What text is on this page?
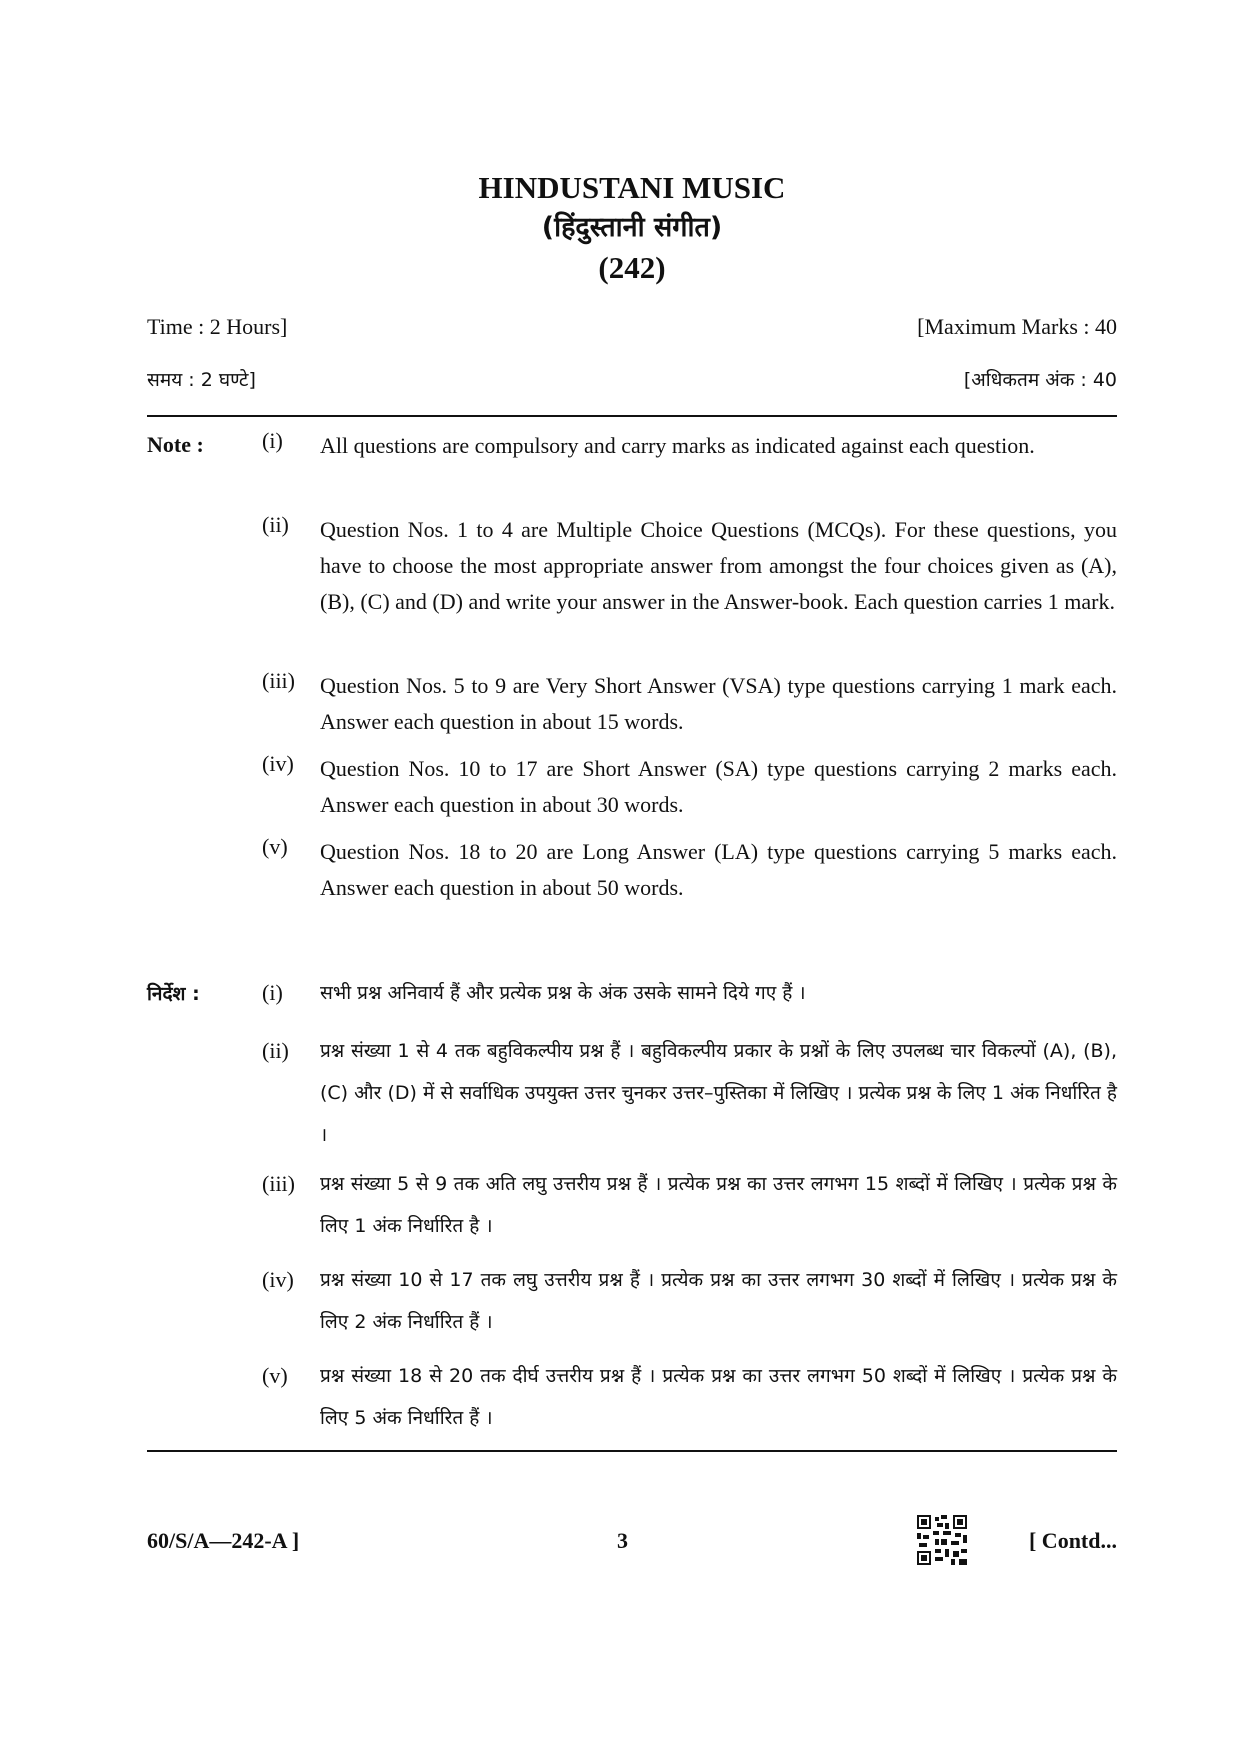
HINDUSTANI MUSIC
(हिंदुस्तानी संगीत)
(242)
Time : 2 Hours]	[Maximum Marks : 40
समय : 2 घण्टे]	[अधिकतम अंक : 40
Note :	(i)	All questions are compulsory and carry marks as indicated against each question.
(ii)	Question Nos. 1 to 4 are Multiple Choice Questions (MCQs). For these questions, you have to choose the most appropriate answer from amongst the four choices given as (A), (B), (C) and (D) and write your answer in the Answer-book. Each question carries 1 mark.
(iii)	Question Nos. 5 to 9 are Very Short Answer (VSA) type questions carrying 1 mark each. Answer each question in about 15 words.
(iv)	Question Nos. 10 to 17 are Short Answer (SA) type questions carrying 2 marks each. Answer each question in about 30 words.
(v)	Question Nos. 18 to 20 are Long Answer (LA) type questions carrying 5 marks each. Answer each question in about 50 words.
निर्देश :	(i)	सभी प्रश्न अनिवार्य हैं और प्रत्येक प्रश्न के अंक उसके सामने दिये गए हैं ।
(ii)	प्रश्न संख्या 1 से 4 तक बहुविकल्पीय प्रश्न हैं । बहुविकल्पीय प्रकार के प्रश्नों के लिए उपलब्ध चार विकल्पों (A), (B), (C) और (D) में से सर्वाधिक उपयुक्त उत्तर चुनकर उत्तर–पुस्तिका में लिखिए । प्रत्येक प्रश्न के लिए 1 अंक निर्धारित है ।
(iii)	प्रश्न संख्या 5 से 9 तक अति लघु उत्तरीय प्रश्न हैं । प्रत्येक प्रश्न का उत्तर लगभग 15 शब्दों में लिखिए । प्रत्येक प्रश्न के लिए 1 अंक निर्धारित है ।
(iv)	प्रश्न संख्या 10 से 17 तक लघु उत्तरीय प्रश्न हैं । प्रत्येक प्रश्न का उत्तर लगभग 30 शब्दों में लिखिए । प्रत्येक प्रश्न के लिए 2 अंक निर्धारित हैं ।
(v)	प्रश्न संख्या 18 से 20 तक दीर्घ उत्तरीय प्रश्न हैं । प्रत्येक प्रश्न का उत्तर लगभग 50 शब्दों में लिखिए । प्रत्येक प्रश्न के लिए 5 अंक निर्धारित हैं ।
60/S/A—242-A ]	3	[ Contd...
